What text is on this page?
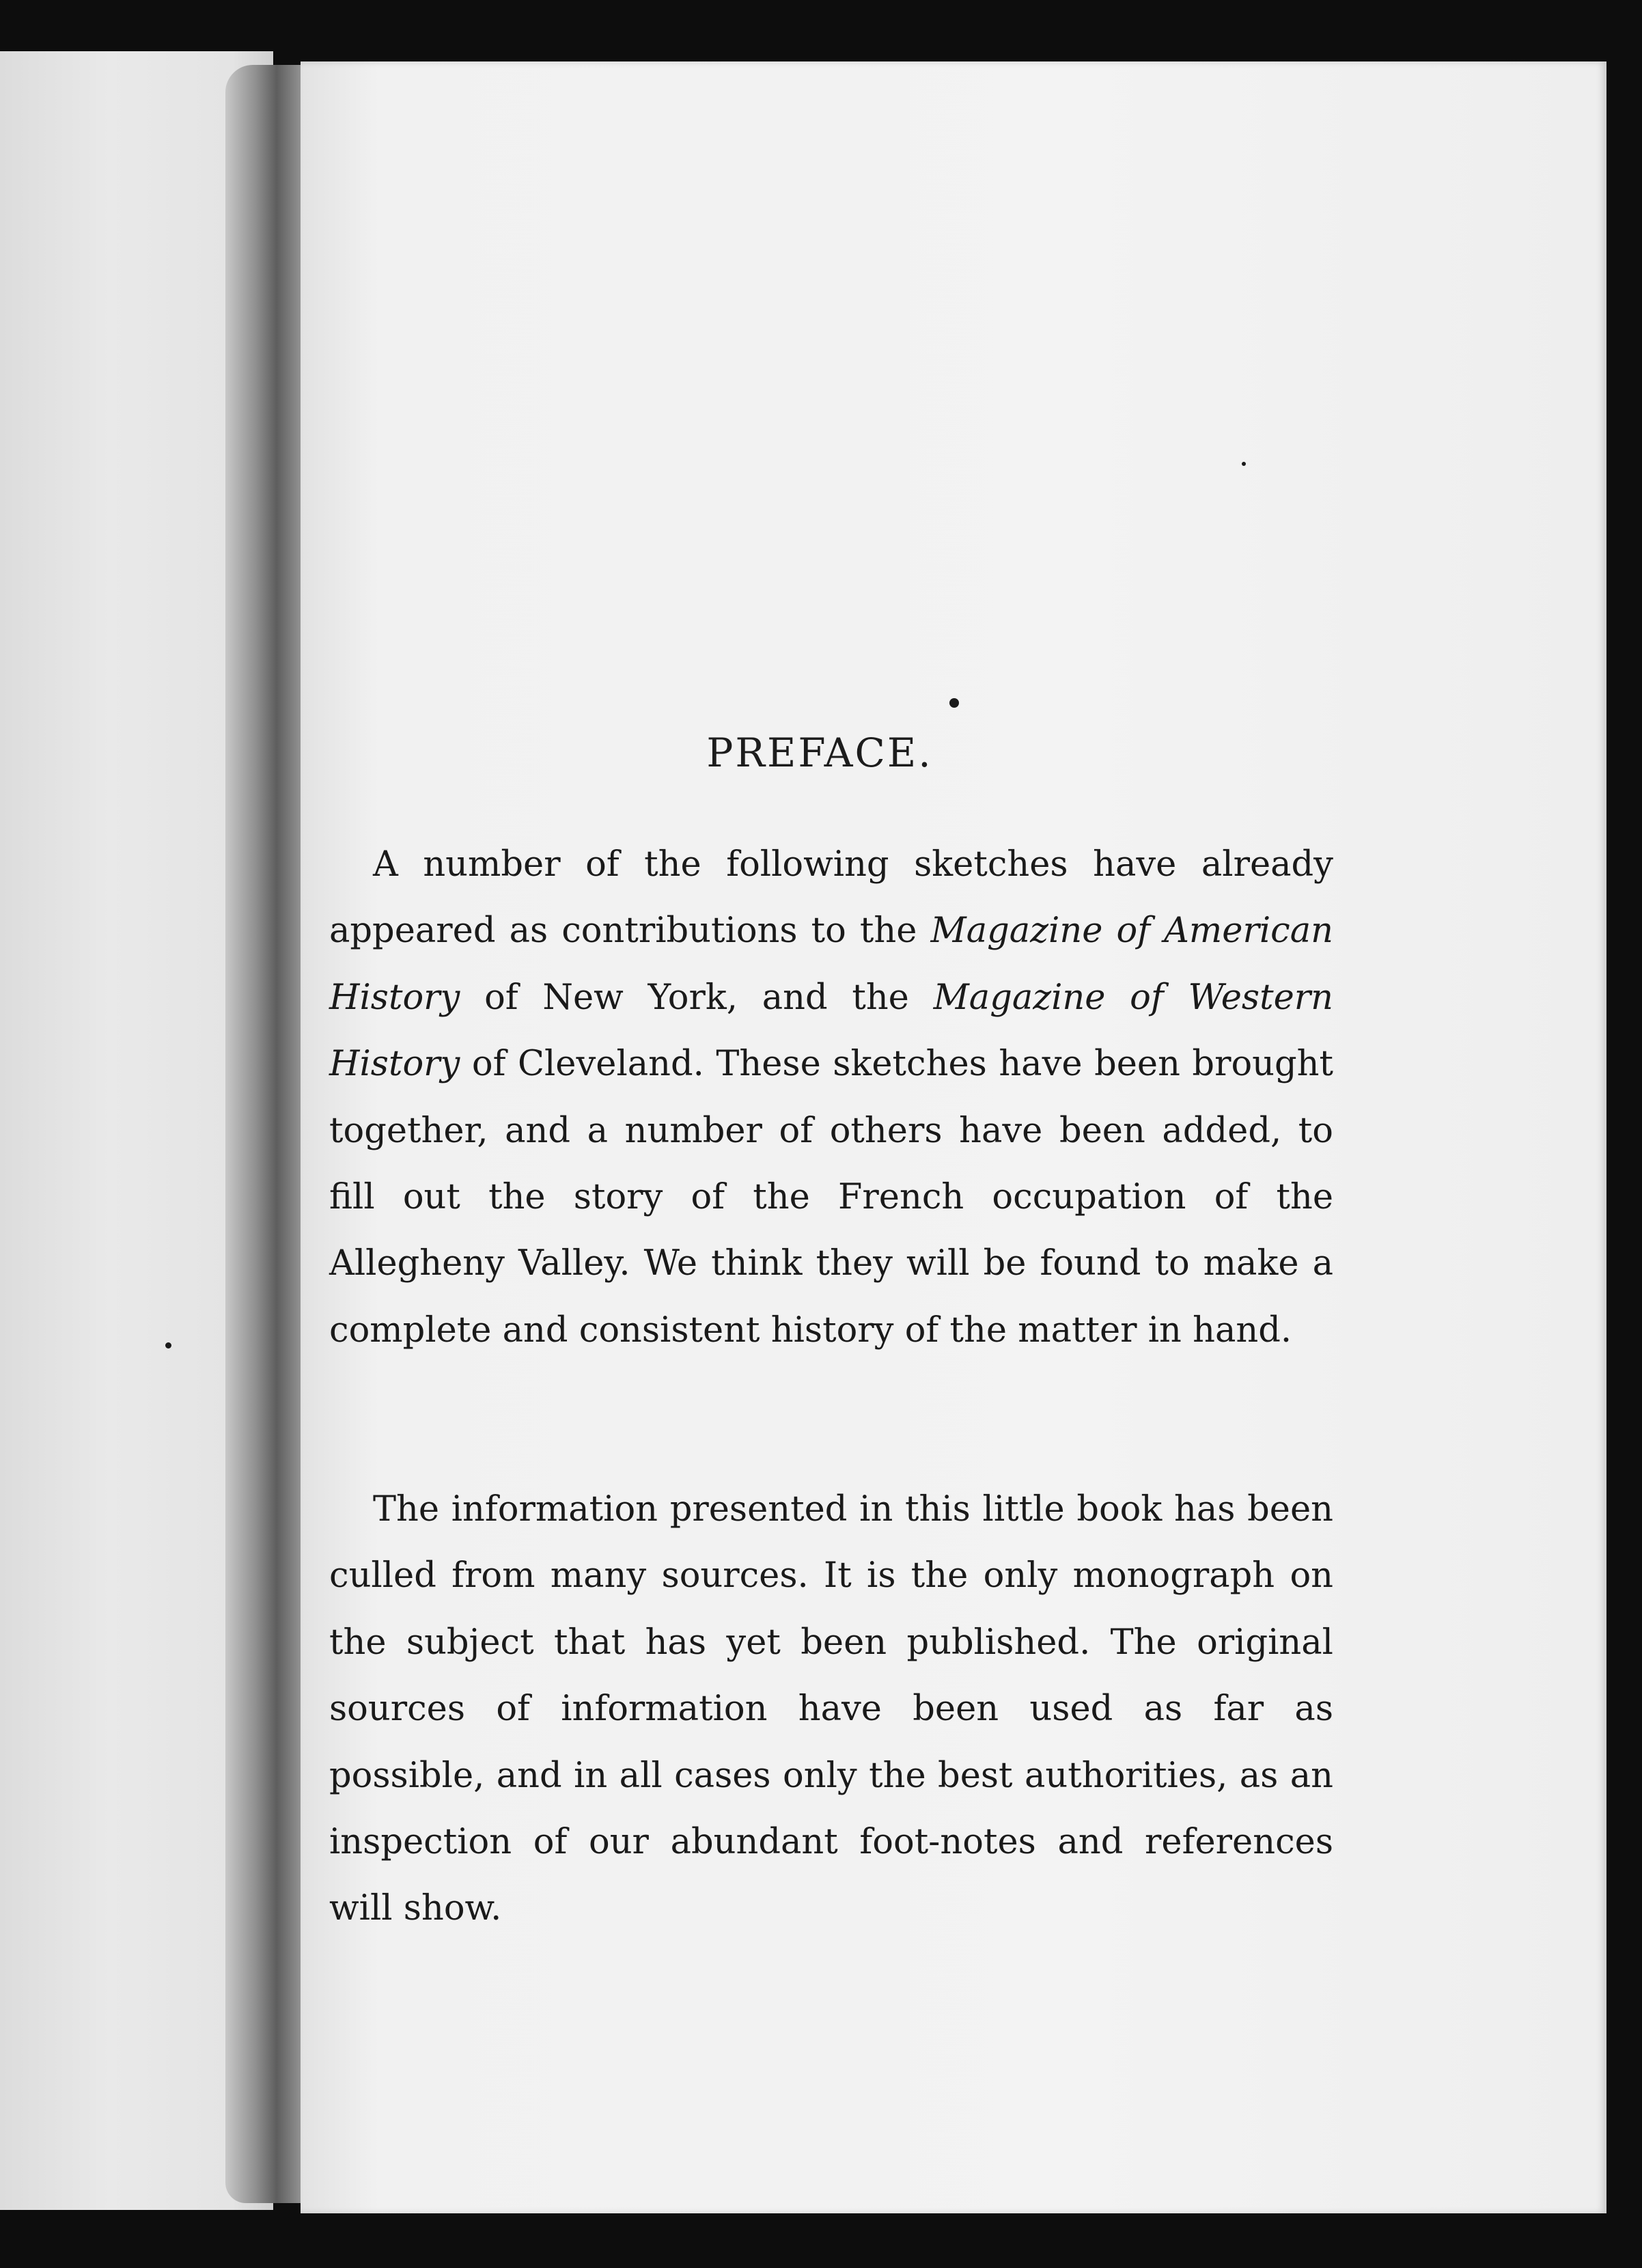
PREFACE.

A number of the following sketches have already appeared as contributions to the Magazine of American History of New York, and the Magazine of Western History of Cleveland. These sketches have been brought together, and a number of others have been added, to fill out the story of the French occupation of the Allegheny Valley. We think they will be found to make a complete and consistent history of the matter in hand.

The information presented in this little book has been culled from many sources. It is the only monograph on the subject that has yet been published. The original sources of information have been used as far as possible, and in all cases only the best authorities, as an inspection of our abundant foot-notes and references will show.
